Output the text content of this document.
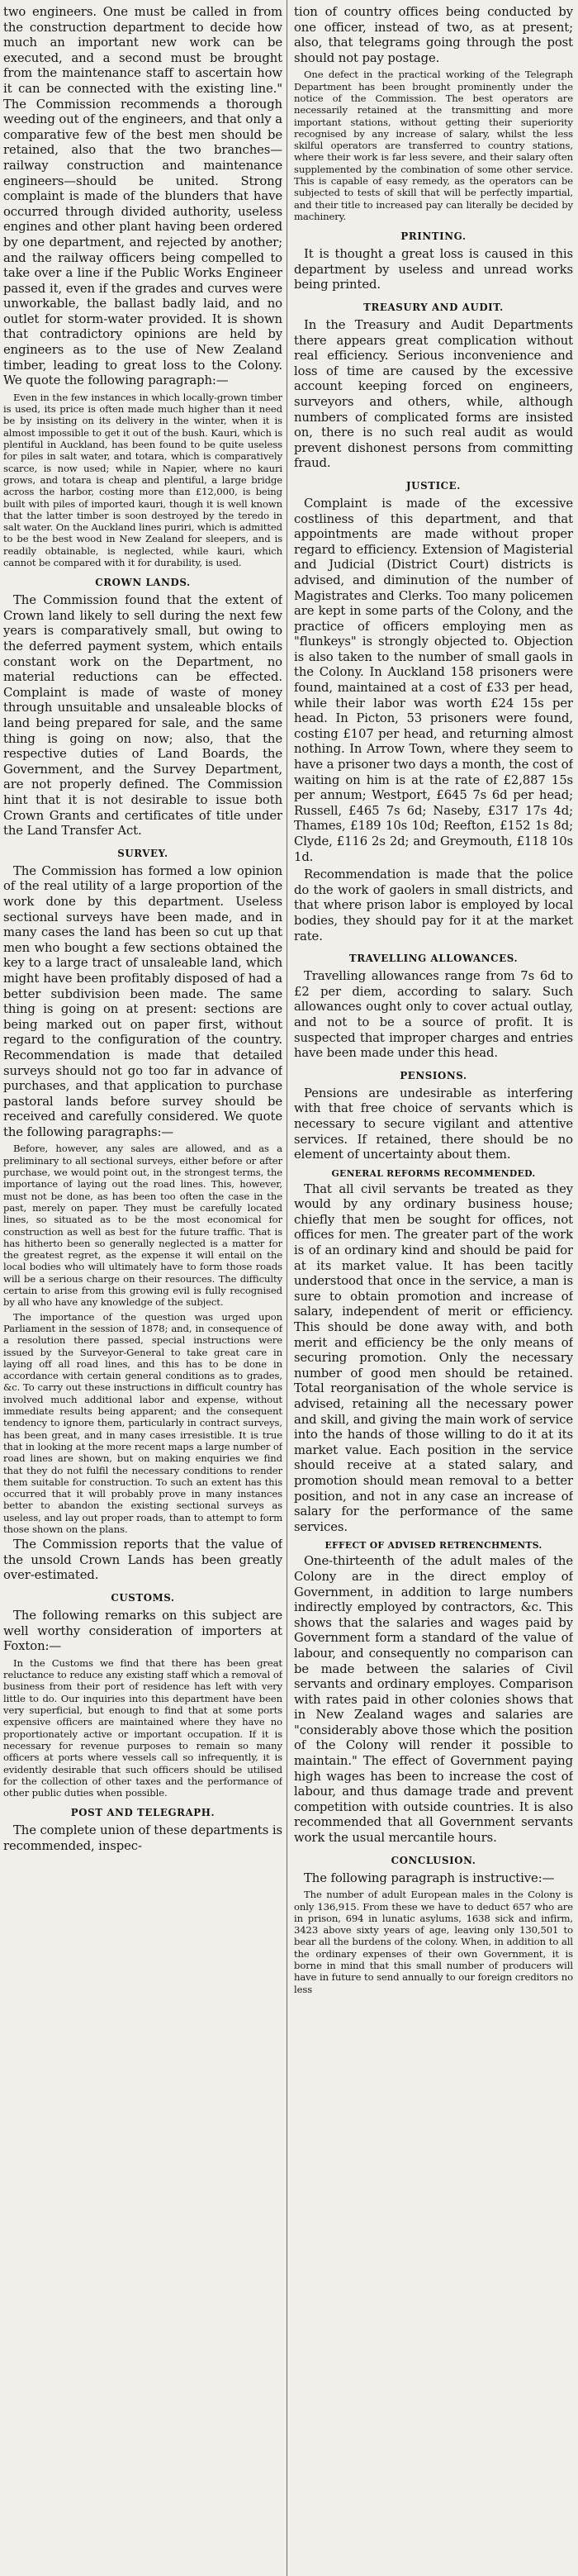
two engineers. One must be called in from the construction department to decide how much an important new work can be executed, and a second must be brought from the maintenance staff to ascertain how it can be connected with the existing line." The Commission recommends a thorough weeding out of the engineers, and that only a comparative few of the best men should be retained, also that the two branches—railway construction and maintenance engineers—should be united. Strong complaint is made of the blunders that have occurred through divided authority, useless engines and other plant having been ordered by one department, and rejected by another; and the railway officers being compelled to take over a line if the Public Works Engineer passed it, even if the grades and curves were unworkable, the ballast badly laid, and no outlet for storm-water provided. It is shown that contradictory opinions are held by engineers as to the use of New Zealand timber, leading to great loss to the Colony. We quote the following paragraph:—

Even in the few instances in which locally-grown timber is used, its price is often made much higher than it need be by insisting on its delivery in the winter, when it is almost impossible to get it out of the bush. Kauri, which is plentiful in Auckland, has been found to be quite useless for piles in salt water, and totara, which is comparatively scarce, is now used; while in Napier, where no kauri grows, and totara is cheap and plentiful, a large bridge across the harbor, costing more than £12,000, is being built with piles of imported kauri, though it is well known that the latter timber is soon destroyed by the teredo in salt water. On the Auckland lines puriri, which is admitted to be the best wood in New Zealand for sleepers, and is readily obtainable, is neglected, while kauri, which cannot be compared with it for durability, is used.

CROWN LANDS.

The Commission found that the extent of Crown land likely to sell during the next few years is comparatively small, but owing to the deferred payment system, which entails constant work on the Department, no material reductions can be effected. Complaint is made of waste of money through unsuitable and unsaleable blocks of land being prepared for sale, and the same thing is going on now; also, that the respective duties of Land Boards, the Government, and the Survey Department, are not properly defined. The Commission hint that it is not desirable to issue both Crown Grants and certificates of title under the Land Transfer Act.

SURVEY.

The Commission has formed a low opinion of the real utility of a large proportion of the work done by this department. Useless sectional surveys have been made, and in many cases the land has been so cut up that men who bought a few sections obtained the key to a large tract of unsaleable land, which might have been profitably disposed of had a better subdivision been made. The same thing is going on at present: sections are being marked out on paper first, without regard to the configuration of the country. Recommendation is made that detailed surveys should not go too far in advance of purchases, and that application to purchase pastoral lands before survey should be received and carefully considered. We quote the following paragraphs:—

Before, however, any sales are allowed, and as a preliminary to all sectional surveys, either before or after purchase, we would point out, in the strongest terms, the importance of laying out the road lines. This, however, must not be done, as has been too often the case in the past, merely on paper. They must be carefully located lines, so situated as to be the most economical for construction as well as best for the future traffic. That is has hitherto been so generally neglected is a matter for the greatest regret, as the expense it will entail on the local bodies who will ultimately have to form those roads will be a serious charge on their resources. The difficulty certain to arise from this growing evil is fully recognised by all who have any knowledge of the subject.

The importance of the question was urged upon Parliament in the session of 1878; and, in consequence of a resolution there passed, special instructions were issued by the Surveyor-General to take great care in laying off all road lines, and this has to be done in accordance with certain general conditions as to grades, &c. To carry out these instructions in difficult country has involved much additional labor and expense, without immediate results being apparent; and the consequent tendency to ignore them, particularly in contract surveys, has been great, and in many cases irresistible. It is true that in looking at the more recent maps a large number of road lines are shown, but on making enquiries we find that they do not fulfil the necessary conditions to render them suitable for construction. To such an extent has this occurred that it will probably prove in many instances better to abandon the existing sectional surveys as useless, and lay out proper roads, than to attempt to form those shown on the plans.

The Commission reports that the value of the unsold Crown Lands has been greatly over-estimated.

CUSTOMS.

The following remarks on this subject are well worthy consideration of importers at Foxton:—

In the Customs we find that there has been great reluctance to reduce any existing staff which a removal of business from their port of residence has left with very little to do. Our inquiries into this department have been very superficial, but enough to find that at some ports expensive officers are maintained where they have no proportionately active or important occupation. If it is necessary for revenue purposes to remain so many officers at ports where vessels call so infrequently, it is evidently desirable that such officers should be utilised for the collection of other taxes and the performance of other public duties when possible.

POST AND TELEGRAPH.

The complete union of these departments is recommended, inspec-

tion of country offices being conducted by one officer, instead of two, as at present; also, that telegrams going through the post should not pay postage.

One defect in the practical working of the Telegraph Department has been brought prominently under the notice of the Commission. The best operators are necessarily retained at the transmitting and more important stations, without getting their superiority recognised by any increase of salary, whilst the less skilful operators are transferred to country stations, where their work is far less severe, and their salary often supplemented by the combination of some other service. This is capable of easy remedy, as the operators can be subjected to tests of skill that will be perfectly impartial, and their title to increased pay can literally be decided by machinery.

PRINTING.

It is thought a great loss is caused in this department by useless and unread works being printed.

TREASURY AND AUDIT.

In the Treasury and Audit Departments there appears great complication without real efficiency. Serious inconvenience and loss of time are caused by the excessive account keeping forced on engineers, surveyors and others, while, although numbers of complicated forms are insisted on, there is no such real audit as would prevent dishonest persons from committing fraud.

JUSTICE.

Complaint is made of the excessive costliness of this department, and that appointments are made without proper regard to efficiency. Extension of Magisterial and Judicial (District Court) districts is advised, and diminution of the number of Magistrates and Clerks. Too many policemen are kept in some parts of the Colony, and the practice of officers employing men as "flunkeys" is strongly objected to. Objection is also taken to the number of small gaols in the Colony. In Auckland 158 prisoners were found, maintained at a cost of £33 per head, while their labor was worth £24 15s per head. In Picton, 53 prisoners were found, costing £107 per head, and returning almost nothing. In Arrow Town, where they seem to have a prisoner two days a month, the cost of waiting on him is at the rate of £2,887 15s per annum; Westport, £645 7s 6d per head; Russell, £465 7s 6d; Naseby, £317 17s 4d; Thames, £189 10s 10d; Reefton, £152 1s 8d; Clyde, £116 2s 2d; and Greymouth, £118 10s 1d.

Recommendation is made that the police do the work of gaolers in small districts, and that where prison labor is employed by local bodies, they should pay for it at the market rate.

TRAVELLING ALLOWANCES.

Travelling allowances range from 7s 6d to £2 per diem, according to salary. Such allowances ought only to cover actual outlay, and not to be a source of profit. It is suspected that improper charges and entries have been made under this head.

PENSIONS.

Pensions are undesirable as interfering with that free choice of servants which is necessary to secure vigilant and attentive services. If retained, there should be no element of uncertainty about them.

GENERAL REFORMS RECOMMENDED.

That all civil servants be treated as they would by any ordinary business house; chiefly that men be sought for offices, not offices for men. The greater part of the work is of an ordinary kind and should be paid for at its market value. It has been tacitly understood that once in the service, a man is sure to obtain promotion and increase of salary, independent of merit or efficiency. This should be done away with, and both merit and efficiency be the only means of securing promotion. Only the necessary number of good men should be retained. Total reorganisation of the whole service is advised, retaining all the necessary power and skill, and giving the main work of service into the hands of those willing to do it at its market value. Each position in the service should receive at a stated salary, and promotion should mean removal to a better position, and not in any case an increase of salary for the performance of the same services.

EFFECT OF ADVISED RETRENCHMENTS.

One-thirteenth of the adult males of the Colony are in the direct employ of Government, in addition to large numbers indirectly employed by contractors, &c. This shows that the salaries and wages paid by Government form a standard of the value of labour, and consequently no comparison can be made between the salaries of Civil servants and ordinary employes. Comparison with rates paid in other colonies shows that in New Zealand wages and salaries are "considerably above those which the position of the Colony will render it possible to maintain." The effect of Government paying high wages has been to increase the cost of labour, and thus damage trade and prevent competition with outside countries. It is also recommended that all Government servants work the usual mercantile hours.

CONCLUSION.

The following paragraph is instructive:—

The number of adult European males in the Colony is only 136,915. From these we have to deduct 657 who are in prison, 694 in lunatic asylums, 1638 sick and infirm, 3423 above sixty years of age, leaving only 130,501 to bear all the burdens of the colony. When, in addition to all the ordinary expenses of their own Government, it is borne in mind that this small number of producers will have in future to send annually to our foreign creditors no less
